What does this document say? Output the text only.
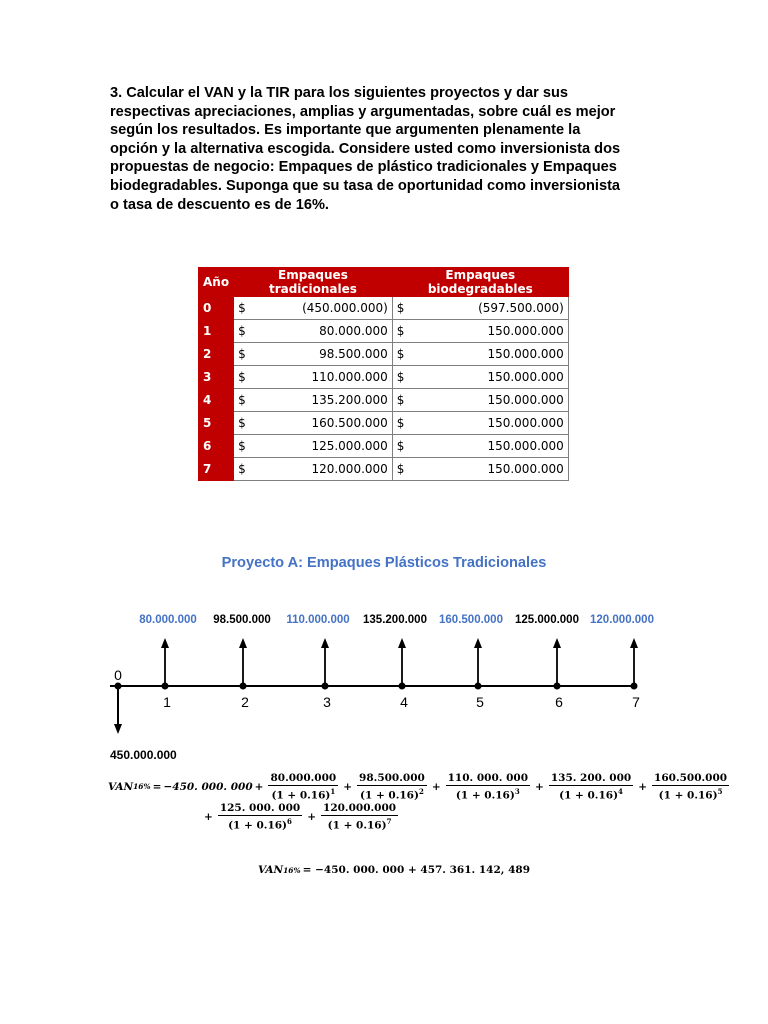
3. Calcular el VAN y la TIR para los siguientes proyectos y dar sus
respectivas apreciaciones, amplias y argumentadas, sobre cuál es mejor
según los resultados. Es importante que argumenten plenamente la
opción y la alternativa escogida. Considere usted como inversionista dos
propuestas de negocio: Empaques de plástico tradicionales y Empaques
biodegradables. Suponga que su tasa de oportunidad como inversionista
o tasa de descuento es de 16%.
Año	Empaques tradicionales		Empaques biodegradables	
0	$	(450.000.000)	$	(597.500.000)
1	$	80.000.000	$	150.000.000
2	$	98.500.000	$	150.000.000
3	$	110.000.000	$	150.000.000
4	$	135.200.000	$	150.000.000
5	$	160.500.000	$	150.000.000
6	$	125.000.000	$	150.000.000
7	$	120.000.000	$	150.000.000
Proyecto A: Empaques Plásticos Tradicionales
0
80.000.000
1
98.500.000
2
110.000.000
3
135.200.000
4
160.500.000
5
125.000.000
6
120.000.000
7
450.000.000
VAN 16% = −450. 000. $000 + \frac{80.000.000}{(1 + 0.16)^1} + \frac{98.500.000}{(1 + 0.16)^2} + \frac{110. 000. 000}{(1 + 0.16)^3} + \frac{135. 200. 000}{(1 + 0.16)^4} + \frac{160.500.000}{(1 + 0.16)^5}$
+ $\frac{125. 000. 000}{(1 + 0.16)^6} + \frac{120.000.000}{(1 + 0.16)^7}$
VAN 16% = −450. 000. 000 + 457. 361. 142, 489
